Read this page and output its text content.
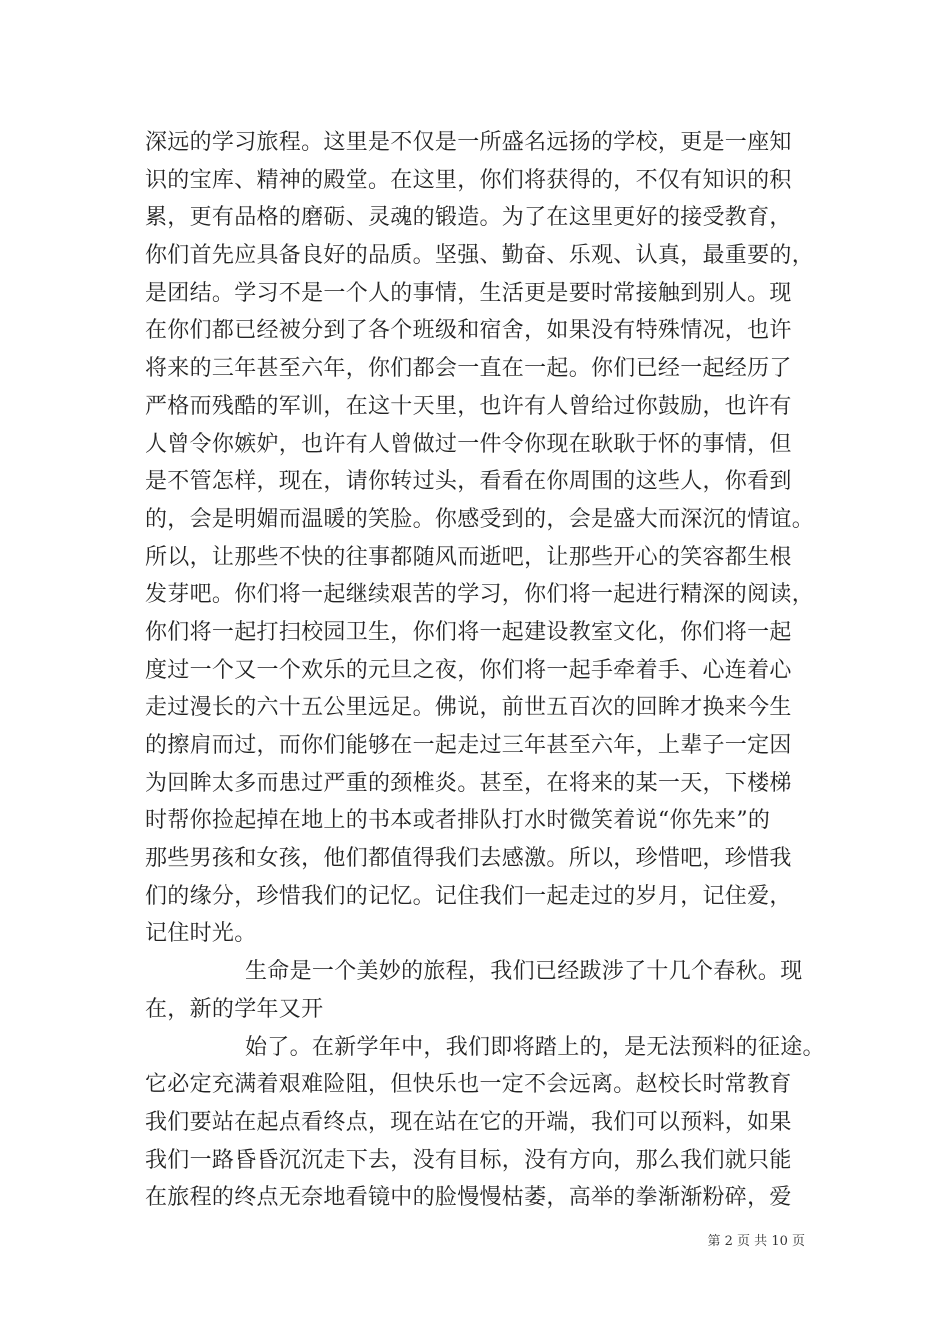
深远的学习旅程。这里是不仅是一所盛名远扬的学校，更是一座知
识的宝库、精神的殿堂。在这里，你们将获得的，不仅有知识的积
累，更有品格的磨砺、灵魂的锻造。为了在这里更好的接受教育，
你们首先应具备良好的品质。坚强、勤奋、乐观、认真，最重要的，
是团结。学习不是一个人的事情，生活更是要时常接触到别人。现
在你们都已经被分到了各个班级和宿舍，如果没有特殊情况，也许
将来的三年甚至六年，你们都会一直在一起。你们已经一起经历了
严格而残酷的军训，在这十天里，也许有人曾给过你鼓励，也许有
人曾令你嫉妒，也许有人曾做过一件令你现在耿耿于怀的事情，但
是不管怎样，现在，请你转过头，看看在你周围的这些人，你看到
的，会是明媚而温暖的笑脸。你感受到的，会是盛大而深沉的情谊。
所以，让那些不快的往事都随风而逝吧，让那些开心的笑容都生根
发芽吧。你们将一起继续艰苦的学习，你们将一起进行精深的阅读，
你们将一起打扫校园卫生，你们将一起建设教室文化，你们将一起
度过一个又一个欢乐的元旦之夜，你们将一起手牵着手、心连着心
走过漫长的六十五公里远足。佛说，前世五百次的回眸才换来今生
的擦肩而过，而你们能够在一起走过三年甚至六年，上辈子一定因
为回眸太多而患过严重的颈椎炎。甚至，在将来的某一天，下楼梯
时帮你捡起掉在地上的书本或者排队打水时微笑着说“你先来”的
那些男孩和女孩，他们都值得我们去感激。所以，珍惜吧，珍惜我
们的缘分，珍惜我们的记忆。记住我们一起走过的岁月，记住爱，
记住时光。
生命是一个美妙的旅程，我们已经跋涉了十几个春秋。现
在，新的学年又开
始了。在新学年中，我们即将踏上的，是无法预料的征途。
它必定充满着艰难险阻，但快乐也一定不会远离。赵校长时常教育
我们要站在起点看终点，现在站在它的开端，我们可以预料，如果
我们一路昏昏沉沉走下去，没有目标，没有方向，那么我们就只能
在旅程的终点无奈地看镜中的脸慢慢枯萎，高举的拳渐渐粉碎，爱
第 2 页 共 10 页
